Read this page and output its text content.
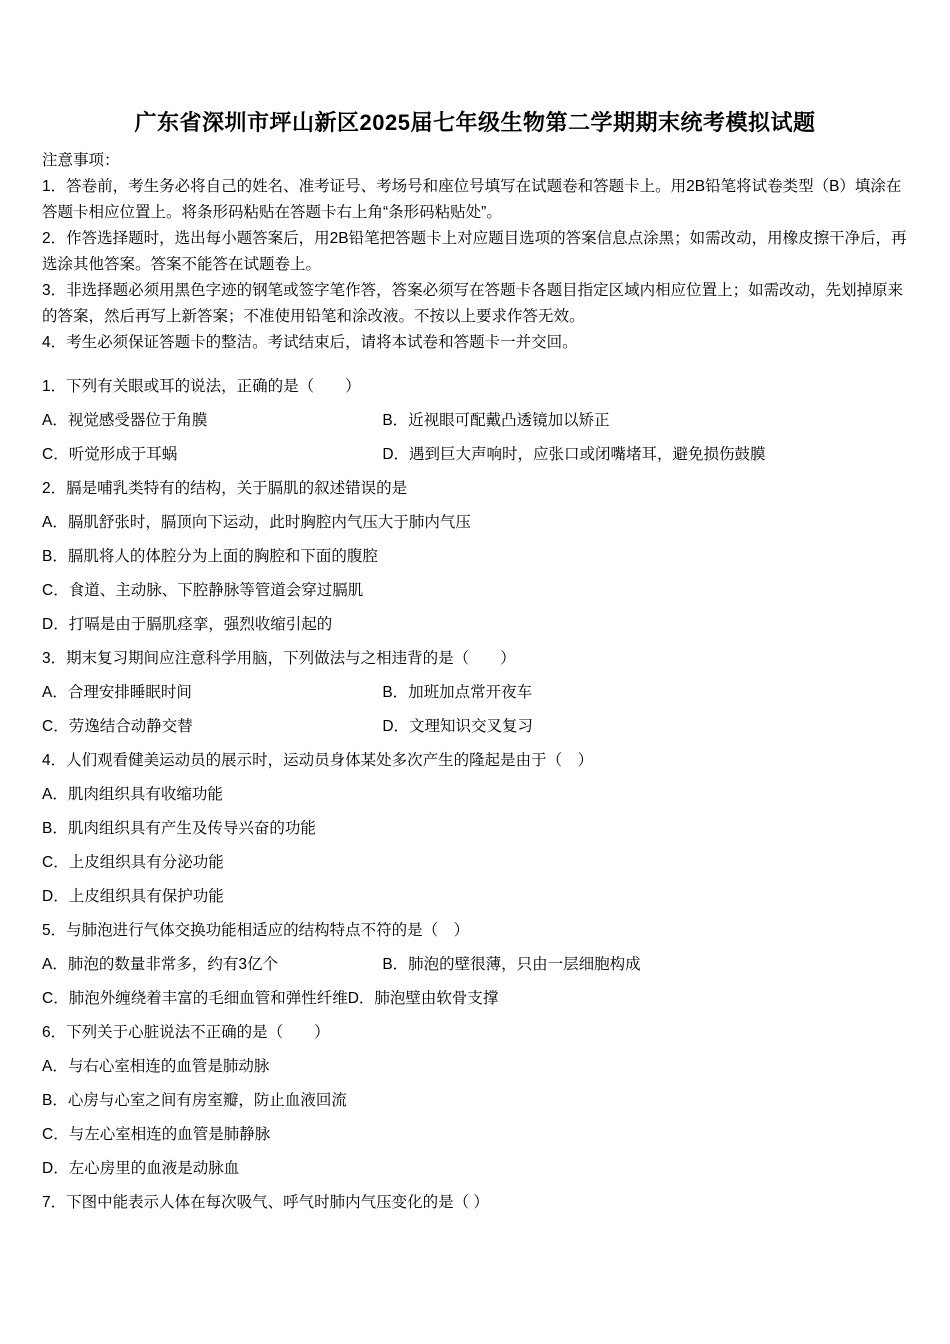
广东省深圳市坪山新区2025届七年级生物第二学期期末统考模拟试题

注意事项：

1．答卷前，考生务必将自己的姓名、准考证号、考场号和座位号填写在试题卷和答题卡上。用2B铅笔将试卷类型（B）填涂在答题卡相应位置上。将条形码粘贴在答题卡右上角“条形码粘贴处”。

2．作答选择题时，选出每小题答案后，用2B铅笔把答题卡上对应题目选项的答案信息点涂黑；如需改动，用橡皮擦干净后，再选涂其他答案。答案不能答在试题卷上。

3．非选择题必须用黑色字迹的钢笔或签字笔作答，答案必须写在答题卡各题目指定区域内相应位置上；如需改动，先划掉原来的答案，然后再写上新答案；不准使用铅笔和涂改液。不按以上要求作答无效。

4．考生必须保证答题卡的整洁。考试结束后，请将本试卷和答题卡一并交回。

1．下列有关眼或耳的说法，正确的是（　　）
A．视觉感受器位于角膜	B．近视眼可配戴凸透镜加以矫正
C．听觉形成于耳蜗	D．遇到巨大声响时，应张口或闭嘴堵耳，避免损伤鼓膜
2．膈是哺乳类特有的结构，关于膈肌的叙述错误的是
A．膈肌舒张时，膈顶向下运动，此时胸腔内气压大于肺内气压
B．膈肌将人的体腔分为上面的胸腔和下面的腹腔
C．食道、主动脉、下腔静脉等管道会穿过膈肌
D．打嗝是由于膈肌痉挛，强烈收缩引起的
3．期末复习期间应注意科学用脑，下列做法与之相违背的是（　　）
A．合理安排睡眠时间	B．加班加点常开夜车
C．劳逸结合动静交替	D．文理知识交叉复习
4．人们观看健美运动员的展示时，运动员身体某处多次产生的隆起是由于（　）
A．肌肉组织具有收缩功能
B．肌肉组织具有产生及传导兴奋的功能
C．上皮组织具有分泌功能
D．上皮组织具有保护功能
5．与肺泡进行气体交换功能相适应的结构特点不符的是（　）
A．肺泡的数量非常多，约有3亿个	B．肺泡的壁很薄，只由一层细胞构成
C．肺泡外缠绕着丰富的毛细血管和弹性纤维D．肺泡壁由软骨支撑
6．下列关于心脏说法不正确的是（　　）
A．与右心室相连的血管是肺动脉
B．心房与心室之间有房室瓣，防止血液回流
C．与左心室相连的血管是肺静脉
D．左心房里的血液是动脉血
7．下图中能表示人体在每次吸气、呼气时肺内气压变化的是（ ）
